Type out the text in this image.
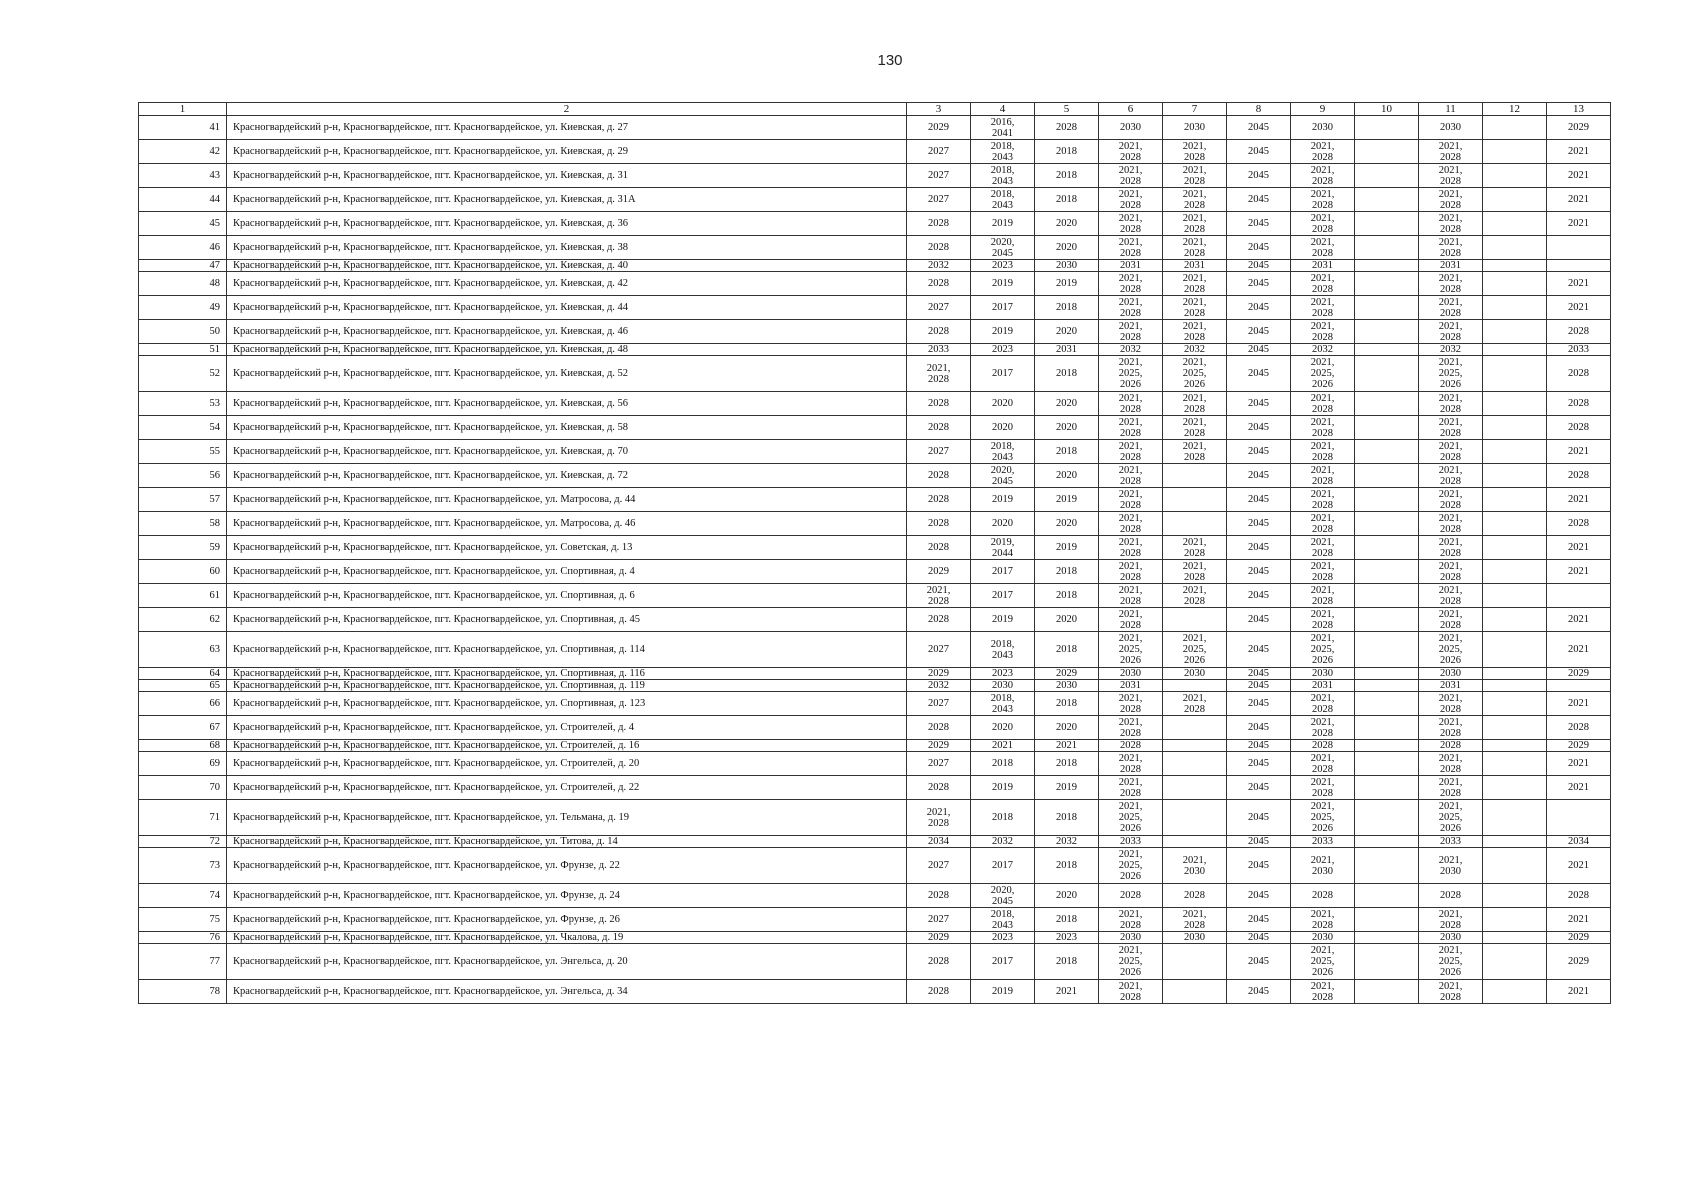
130
1	2	3	4	5	6	7	8	9	10	11	12	13
41	Красногвардейский р-н, Красногвардейское, пгт. Красногвардейское, ул. Киевская, д. 27	2029	2016,
2041	2028	2030	2030	2045	2030		2030		2029
42	Красногвардейский р-н, Красногвардейское, пгт. Красногвардейское, ул. Киевская, д. 29	2027	2018,
2043	2018	2021,
2028	2021,
2028	2045	2021,
2028		2021,
2028		2021
43	Красногвардейский р-н, Красногвардейское, пгт. Красногвардейское, ул. Киевская, д. 31	2027	2018,
2043	2018	2021,
2028	2021,
2028	2045	2021,
2028		2021,
2028		2021
44	Красногвардейский р-н, Красногвардейское, пгт. Красногвардейское, ул. Киевская, д. 31А	2027	2018,
2043	2018	2021,
2028	2021,
2028	2045	2021,
2028		2021,
2028		2021
45	Красногвардейский р-н, Красногвардейское, пгт. Красногвардейское, ул. Киевская, д. 36	2028	2019	2020	2021,
2028	2021,
2028	2045	2021,
2028		2021,
2028		2021
46	Красногвардейский р-н, Красногвардейское, пгт. Красногвардейское, ул. Киевская, д. 38	2028	2020,
2045	2020	2021,
2028	2021,
2028	2045	2021,
2028		2021,
2028		
47	Красногвардейский р-н, Красногвардейское, пгт. Красногвардейское, ул. Киевская, д. 40	2032	2023	2030	2031	2031	2045	2031		2031		
48	Красногвардейский р-н, Красногвардейское, пгт. Красногвардейское, ул. Киевская, д. 42	2028	2019	2019	2021,
2028	2021,
2028	2045	2021,
2028		2021,
2028		2021
49	Красногвардейский р-н, Красногвардейское, пгт. Красногвардейское, ул. Киевская, д. 44	2027	2017	2018	2021,
2028	2021,
2028	2045	2021,
2028		2021,
2028		2021
50	Красногвардейский р-н, Красногвардейское, пгт. Красногвардейское, ул. Киевская, д. 46	2028	2019	2020	2021,
2028	2021,
2028	2045	2021,
2028		2021,
2028		2028
51	Красногвардейский р-н, Красногвардейское, пгт. Красногвардейское, ул. Киевская, д. 48	2033	2023	2031	2032	2032	2045	2032		2032		2033
52	Красногвардейский р-н, Красногвардейское, пгт. Красногвардейское, ул. Киевская, д. 52	2021,
2028	2017	2018	2021,
2025,
2026	2021,
2025,
2026	2045	2021,
2025,
2026		2021,
2025,
2026		2028
53	Красногвардейский р-н, Красногвардейское, пгт. Красногвардейское, ул. Киевская, д. 56	2028	2020	2020	2021,
2028	2021,
2028	2045	2021,
2028		2021,
2028		2028
54	Красногвардейский р-н, Красногвардейское, пгт. Красногвардейское, ул. Киевская, д. 58	2028	2020	2020	2021,
2028	2021,
2028	2045	2021,
2028		2021,
2028		2028
55	Красногвардейский р-н, Красногвардейское, пгт. Красногвардейское, ул. Киевская, д. 70	2027	2018,
2043	2018	2021,
2028	2021,
2028	2045	2021,
2028		2021,
2028		2021
56	Красногвардейский р-н, Красногвардейское, пгт. Красногвардейское, ул. Киевская, д. 72	2028	2020,
2045	2020	2021,
2028		2045	2021,
2028		2021,
2028		2028
57	Красногвардейский р-н, Красногвардейское, пгт. Красногвардейское, ул. Матросова, д. 44	2028	2019	2019	2021,
2028		2045	2021,
2028		2021,
2028		2021
58	Красногвардейский р-н, Красногвардейское, пгт. Красногвардейское, ул. Матросова, д. 46	2028	2020	2020	2021,
2028		2045	2021,
2028		2021,
2028		2028
59	Красногвардейский р-н, Красногвардейское, пгт. Красногвардейское, ул. Советская, д. 13	2028	2019,
2044	2019	2021,
2028	2021,
2028	2045	2021,
2028		2021,
2028		2021
60	Красногвардейский р-н, Красногвардейское, пгт. Красногвардейское, ул. Спортивная, д. 4	2029	2017	2018	2021,
2028	2021,
2028	2045	2021,
2028		2021,
2028		2021
61	Красногвардейский р-н, Красногвардейское, пгт. Красногвардейское, ул. Спортивная, д. 6	2021,
2028	2017	2018	2021,
2028	2021,
2028	2045	2021,
2028		2021,
2028		
62	Красногвардейский р-н, Красногвардейское, пгт. Красногвардейское, ул. Спортивная, д. 45	2028	2019	2020	2021,
2028		2045	2021,
2028		2021,
2028		2021
63	Красногвардейский р-н, Красногвардейское, пгт. Красногвардейское, ул. Спортивная, д. 114	2027	2018,
2043	2018	2021,
2025,
2026	2021,
2025,
2026	2045	2021,
2025,
2026		2021,
2025,
2026		2021
64	Красногвардейский р-н, Красногвардейское, пгт. Красногвардейское, ул. Спортивная, д. 116	2029	2023	2029	2030	2030	2045	2030		2030		2029
65	Красногвардейский р-н, Красногвардейское, пгт. Красногвардейское, ул. Спортивная, д. 119	2032	2030	2030	2031		2045	2031		2031		
66	Красногвардейский р-н, Красногвардейское, пгт. Красногвардейское, ул. Спортивная, д. 123	2027	2018,
2043	2018	2021,
2028	2021,
2028	2045	2021,
2028		2021,
2028		2021
67	Красногвардейский р-н, Красногвардейское, пгт. Красногвардейское, ул. Строителей, д. 4	2028	2020	2020	2021,
2028		2045	2021,
2028		2021,
2028		2028
68	Красногвардейский р-н, Красногвардейское, пгт. Красногвардейское, ул. Строителей, д. 16	2029	2021	2021	2028		2045	2028		2028		2029
69	Красногвардейский р-н, Красногвардейское, пгт. Красногвардейское, ул. Строителей, д. 20	2027	2018	2018	2021,
2028		2045	2021,
2028		2021,
2028		2021
70	Красногвардейский р-н, Красногвардейское, пгт. Красногвардейское, ул. Строителей, д. 22	2028	2019	2019	2021,
2028		2045	2021,
2028		2021,
2028		2021
71	Красногвардейский р-н, Красногвардейское, пгт. Красногвардейское, ул. Тельмана, д. 19	2021,
2028	2018	2018	2021,
2025,
2026		2045	2021,
2025,
2026		2021,
2025,
2026		
72	Красногвардейский р-н, Красногвардейское, пгт. Красногвардейское, ул. Титова, д. 14	2034	2032	2032	2033		2045	2033		2033		2034
73	Красногвардейский р-н, Красногвардейское, пгт. Красногвардейское, ул. Фрунзе, д. 22	2027	2017	2018	2021,
2025,
2026	2021,
2030	2045	2021,
2030		2021,
2030		2021
74	Красногвардейский р-н, Красногвардейское, пгт. Красногвардейское, ул. Фрунзе, д. 24	2028	2020,
2045	2020	2028	2028	2045	2028		2028		2028
75	Красногвардейский р-н, Красногвардейское, пгт. Красногвардейское, ул. Фрунзе, д. 26	2027	2018,
2043	2018	2021,
2028	2021,
2028	2045	2021,
2028		2021,
2028		2021
76	Красногвардейский р-н, Красногвардейское, пгт. Красногвардейское, ул. Чкалова, д. 19	2029	2023	2023	2030	2030	2045	2030		2030		2029
77	Красногвардейский р-н, Красногвардейское, пгт. Красногвардейское, ул. Энгельса, д. 20	2028	2017	2018	2021,
2025,
2026		2045	2021,
2025,
2026		2021,
2025,
2026		2029
78	Красногвардейский р-н, Красногвардейское, пгт. Красногвардейское, ул. Энгельса, д. 34	2028	2019	2021	2021,
2028		2045	2021,
2028		2021,
2028		2021
